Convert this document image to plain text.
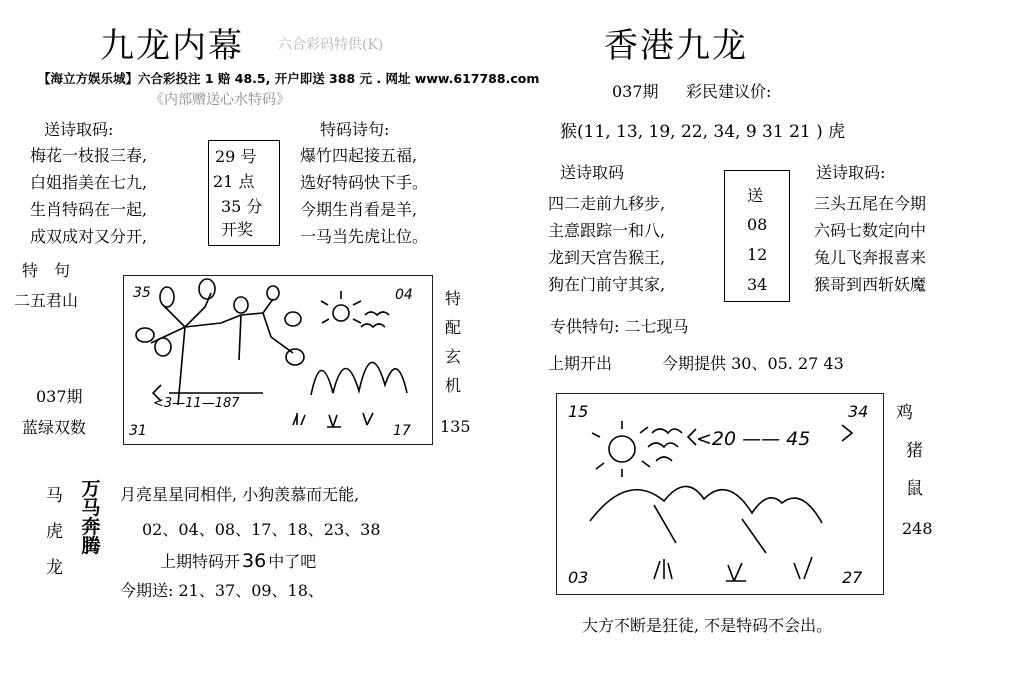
九龙内幕 六合彩码特供(K)
【海立方娱乐城】六合彩投注 1 赔 48.5, 开户即送 388 元 . 网址 www.617788.com
《内部赠送心水特码》
送诗取码:
梅花一枝报三春,
白姐指美在七九,
生肖特码在一起,
成双成对又分开,
29 号
21 点
35 分
开奖
特码诗句:
爆竹四起接五福,
选好特码快下手。
今期生肖看是羊,
一马当先虎让位。
特　句
二五君山
037期
蓝绿双数
<3—11—187
35	04
31	17
特
配
玄
机
135
马
虎
龙
万
马
奔
腾
月亮星星同相伴, 小狗羡慕而无能,
02、04、08、17、18、23、38
上期特码开 36 中了吧
今期送: 21、37、09、18、
香港九龙
037期 彩民建议价:
猴(11, 13, 19, 22, 34, 9 31 21 ) 虎
送诗取码	送诗取码:
四二走前九移步,
主意跟踪一和八,
龙到天宫告猴王,
狗在门前守其家,
送
08
12
34
三头五尾在今期
六码七数定向中
兔儿飞奔报喜来
猴哥到西斩妖魔
专供特句: 二七现马
上期开出	今期提供 30、05. 27 43
<20 —— 45
15	34
03	27
鸡
猪
鼠
248
大方不断是狂徒, 不是特码不会出。
